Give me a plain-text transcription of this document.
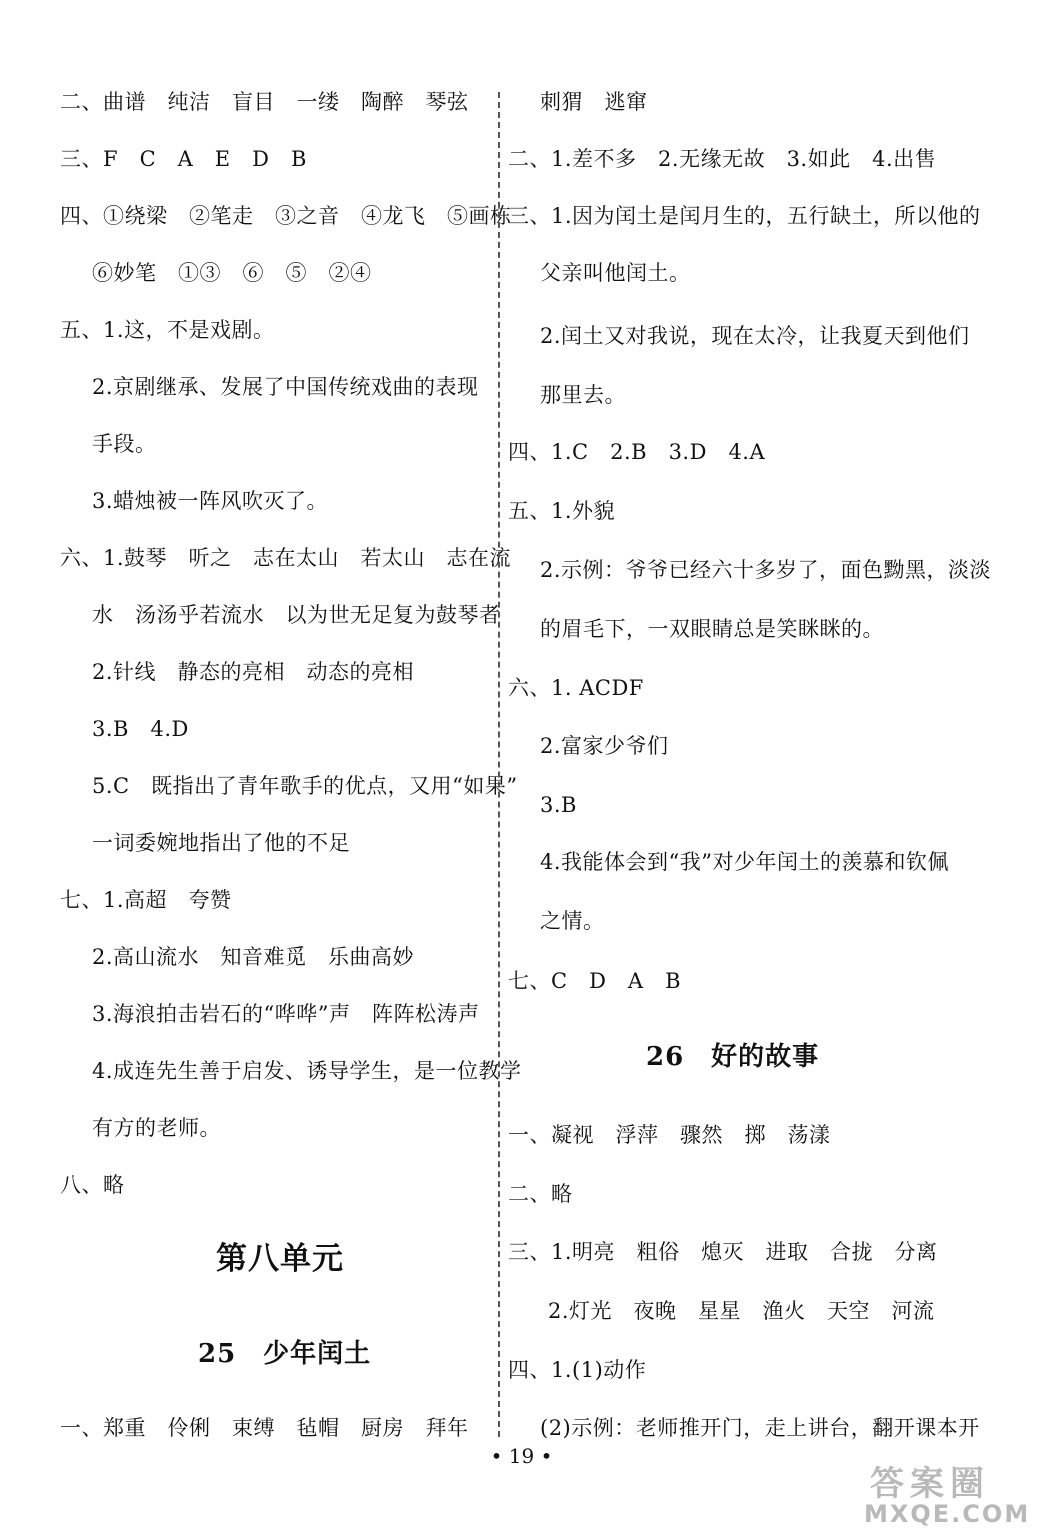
二、曲谱　纯洁　盲目　一缕　陶醉　琴弦
三、F　C　A　E　D　B
四、①绕梁　②笔走　③之音　④龙飞　⑤画栋
⑥妙笔　①③　⑥　⑤　②④
五、1.这，不是戏剧。
2.京剧继承、发展了中国传统戏曲的表现
手段。
3.蜡烛被一阵风吹灭了。
六、1.鼓琴　听之　志在太山　若太山　志在流
水　汤汤乎若流水　以为世无足复为鼓琴者
2.针线　静态的亮相　动态的亮相
3.B　4.D
5.C　既指出了青年歌手的优点，又用“如果”
一词委婉地指出了他的不足
七、1.高超　夸赞
2.高山流水　知音难觅　乐曲高妙
3.海浪拍击岩石的“哗哗”声　阵阵松涛声
4.成连先生善于启发、诱导学生，是一位教学
有方的老师。
八、略
第八单元
25　少年闰土
一、郑重　伶俐　束缚　毡帽　厨房　拜年
刺猬　逃窜
二、1.差不多　2.无缘无故　3.如此　4.出售
三、1.因为闰土是闰月生的，五行缺土，所以他的
父亲叫他闰土。
2.闰土又对我说，现在太冷，让我夏天到他们
那里去。
四、1.C　2.B　3.D　4.A
五、1.外貌
2.示例：爷爷已经六十多岁了，面色黝黑，淡淡
的眉毛下，一双眼睛总是笑眯眯的。
六、1. ACDF
2.富家少爷们
3.B
4.我能体会到“我”对少年闰土的羡慕和钦佩
之情。
七、C　D　A　B
26　好的故事
一、凝视　浮萍　骤然　掷　荡漾
二、略
三、1.明亮　粗俗　熄灭　进取　合拢　分离
2.灯光　夜晚　星星　渔火　天空　河流
四、1.(1)动作
(2)示例：老师推开门，走上讲台，翻开课本开
• 19 •
答案圈
MXQE.COM
